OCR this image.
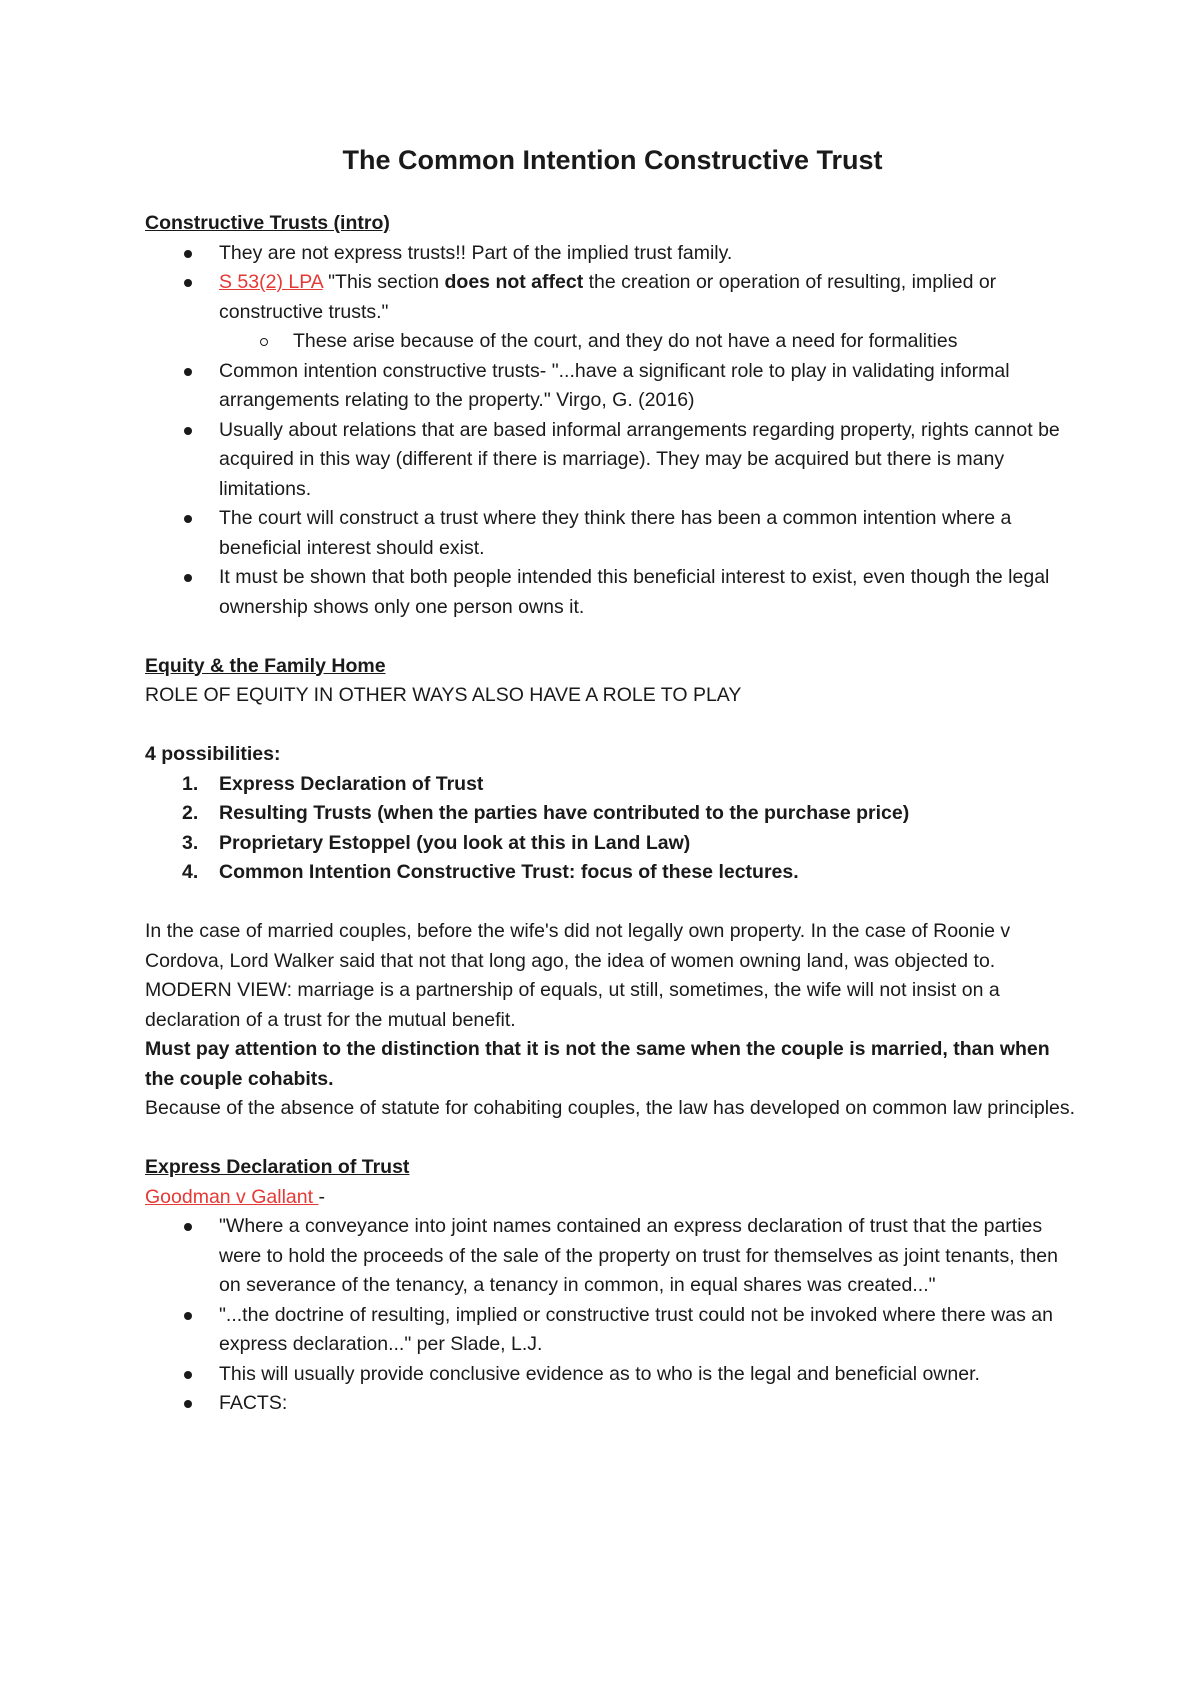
The Common Intention Constructive Trust

Constructive Trusts (intro)

They are not express trusts!! Part of the implied trust family.
S 53(2) LPA "This section does not affect the creation or operation of resulting, implied or constructive trusts."
These arise because of the court, and they do not have a need for formalities
Common intention constructive trusts- "...have a significant role to play in validating informal arrangements relating to the property." Virgo, G. (2016)
Usually about relations that are based informal arrangements regarding property, rights cannot be acquired in this way (different if there is marriage). They may be acquired but there is many limitations.
The court will construct a trust where they think there has been a common intention where a beneficial interest should exist.
It must be shown that both people intended this beneficial interest to exist, even though the legal ownership shows only one person owns it.

Equity & the Family Home

ROLE OF EQUITY IN OTHER WAYS ALSO HAVE A ROLE TO PLAY

4 possibilities:

1. Express Declaration of Trust
2. Resulting Trusts (when the parties have contributed to the purchase price)
3. Proprietary Estoppel (you look at this in Land Law)
4. Common Intention Constructive Trust: focus of these lectures.

In the case of married couples, before the wife's did not legally own property. In the case of Roonie v Cordova, Lord Walker said that not that long ago, the idea of women owning land, was objected to.

MODERN VIEW: marriage is a partnership of equals, ut still, sometimes, the wife will not insist on a declaration of a trust for the mutual benefit.

Must pay attention to the distinction that it is not the same when the couple is married, than when the couple cohabits.

Because of the absence of statute for cohabiting couples, the law has developed on common law principles.

Express Declaration of Trust

Goodman v Gallant -

"Where a conveyance into joint names contained an express declaration of trust that the parties were to hold the proceeds of the sale of the property on trust for themselves as joint tenants, then on severance of the tenancy, a tenancy in common, in equal shares was created..."
"...the doctrine of resulting, implied or constructive trust could not be invoked where there was an express declaration..." per Slade, L.J.
This will usually provide conclusive evidence as to who is the legal and beneficial owner.
FACTS:
